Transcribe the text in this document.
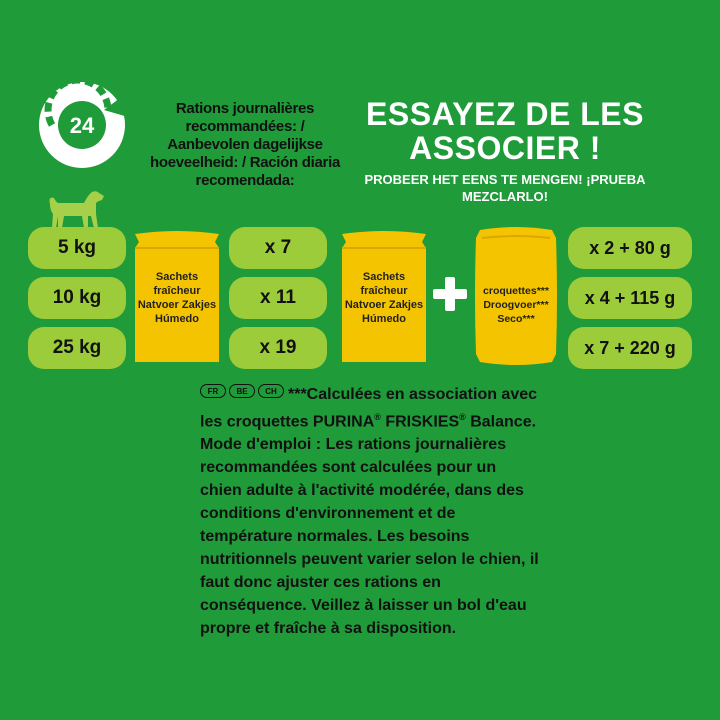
24
Rations journalières recommandées: / Aanbevolen dagelijkse hoeveelheid: / Ración diaria recomendada:
ESSAYEZ DE LES ASSOCIER !
PROBEER HET EENS TE MENGEN! ¡PRUEBA MEZCLARLO!
5 kg
10 kg
25 kg
Sachets
fraîcheur
Natvoer Zakjes
Húmedo
x 7
x 11
x 19
Sachets
fraîcheur
Natvoer Zakjes
Húmedo
croquettes***
Droogvoer***
Seco***
x 2 + 80 g
x 4 + 115 g
x 7 + 220 g
FR	BE	CH ***Calculées en association avec les croquettes PURINA® FRISKIES® Balance. Mode d'emploi : Les rations journalières recommandées sont calculées pour un chien adulte à l'activité modérée, dans des conditions d'environnement et de température normales. Les besoins nutritionnels peuvent varier selon le chien, il faut donc ajuster ces rations en conséquence. Veillez à laisser un bol d'eau propre et fraîche à sa disposition.
